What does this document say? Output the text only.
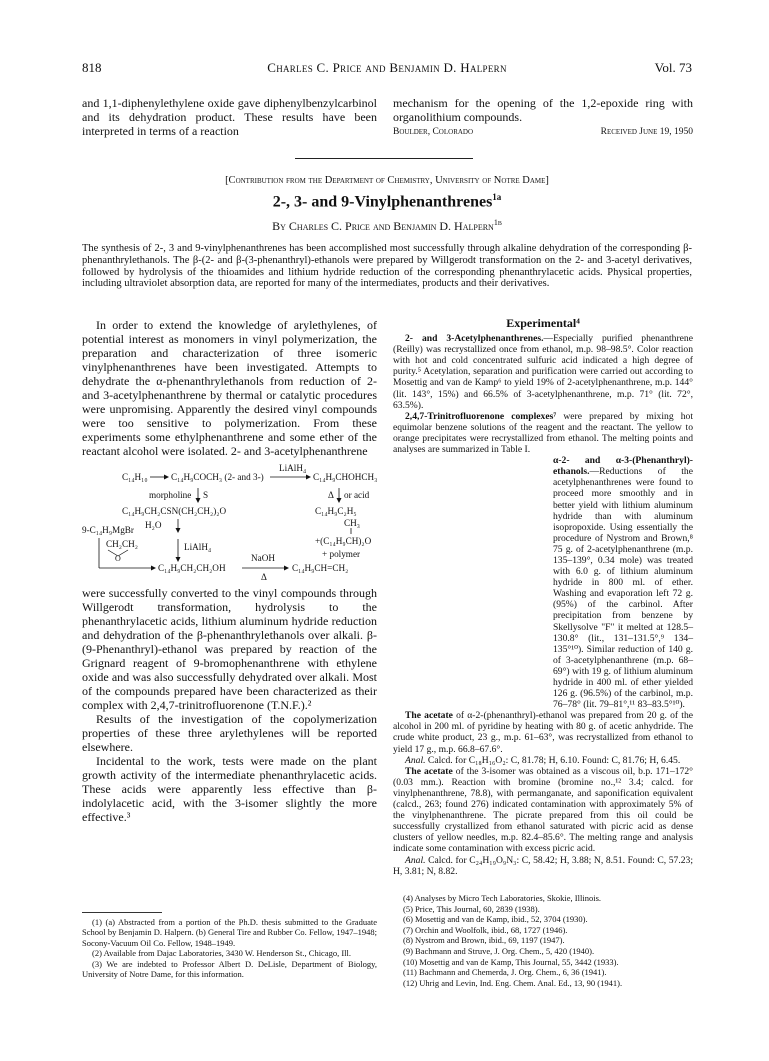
818	Charles C. Price and Benjamin D. Halpern	Vol. 73

and 1,1-diphenylethylene oxide gave diphenylbenzylcarbinol and its dehydration product. These results have been interpreted in terms of a reaction

mechanism for the opening of the 1,2-epoxide ring with organolithium compounds.

Boulder, Colorado	Received June 19, 1950
[Contribution from the Department of Chemistry, University of Notre Dame]
2-, 3- and 9-Vinylphenanthrenes$^{1a}$
By Charles C. Price and Benjamin D. Halpern$^{1b}$
The synthesis of 2-, 3 and 9-vinylphenanthrenes has been accomplished most successfully through alkaline dehydration of the corresponding β-phenanthrylethanols. The β-(2- and β-(3-phenanthryl)-ethanols were prepared by Willgerodt transformation on the 2- and 3-acetyl derivatives, followed by hydrolysis of the thioamides and lithium hydride reduction of the corresponding phenanthrylacetic acids. Physical properties, including ultraviolet absorption data, are reported for many of the intermediates, products and their derivatives.

In order to extend the knowledge of arylethylenes, of potential interest as monomers in vinyl polymerization, the preparation and characterization of three isomeric vinylphenanthrenes have been investigated. Attempts to dehydrate the α-phenanthrylethanols from reduction of 2- and 3-acetylphenanthrene by thermal or catalytic procedures were unpromising. Apparently the desired vinyl compounds were too sensitive to polymerization. From these experiments some ethylphenanthrene and some ether of the reactant alcohol were isolated. 2- and 3-acetylphenanthrene

C₁₄H₁₀	C₁₄H₉COCH₃ (2- and 3-)
LiAlH₄
C₁₄H₉CHOHCH₃
morpholine S	Δ or acid
C₁₄H₉CH₂CSN(CH₂CH₂)₂O	C₁₄H₉C₂H₅
H₂O	CH₃
9-C₁₄H₉MgBr
+(C₁₄H₉CH)₂O
CH₂CH₂
O
LiAlH₄
+ polymer
NaOH
C₁₄H₉CH₂CH₂OH	C₁₄H₉CH=CH₂
Δ

were successfully converted to the vinyl compounds through Willgerodt transformation, hydrolysis to the phenanthrylacetic acids, lithium aluminum hydride reduction and dehydration of the β-phenanthrylethanols over alkali. β-(9-Phenanthryl)-ethanol was prepared by reaction of the Grignard reagent of 9-bromophenanthrene with ethylene oxide and was also successfully dehydrated over alkali. Most of the compounds prepared have been characterized as their complex with 2,4,7-trinitrofluorenone (T.N.F.).²

Results of the investigation of the copolymerization properties of these three arylethylenes will be reported elsewhere.

Incidental to the work, tests were made on the plant growth activity of the intermediate phenanthrylacetic acids. These acids were apparently less effective than β-indolylacetic acid, with the 3-isomer slightly the more effective.³

Experimental⁴

2- and 3-Acetylphenanthrenes.—Especially purified phenanthrene (Reilly) was recrystallized once from ethanol, m.p. 98–98.5°. Color reaction with hot and cold concentrated sulfuric acid indicated a high degree of purity.⁵ Acetylation, separation and purification were carried out according to Mosettig and van de Kamp⁶ to yield 19% of 2-acetylphenanthrene, m.p. 144° (lit. 143°, 15%) and 66.5% of 3-acetylphenanthrene, m.p. 71° (lit. 72°, 63.5%).

2,4,7-Trinitrofluorenone complexes⁷ were prepared by mixing hot equimolar benzene solutions of the reagent and the reactant. The yellow to orange precipitates were recrystallized from ethanol. The melting points and analyses are summarized in Table I.

α-2- and α-3-(Phenanthryl)-ethanols.—Reductions of the acetylphenanthrenes were found to proceed more smoothly and in better yield with lithium aluminum hydride than with aluminum isopropoxide. Using essentially the procedure of Nystrom and Brown,⁸ 75 g. of 2-acetylphenanthrene (m.p. 135–139°, 0.34 mole) was treated with 6.0 g. of lithium aluminum hydride in 800 ml. of ether. Washing and evaporation left 72 g. (95%) of the carbinol. After precipitation from benzene by Skellysolve "F" it melted at 128.5–130.8° (lit., 131–131.5°,⁹ 134–135°¹⁰). Similar reduction of 140 g. of 3-acetylphenanthrene (m.p. 68–69°) with 19 g. of lithium aluminum hydride in 400 ml. of ether yielded 126 g. (96.5%) of the carbinol, m.p. 76–78° (lit. 79–81°,¹¹ 83–83.5°¹⁰).

The acetate of α-2-(phenanthryl)-ethanol was prepared from 20 g. of the alcohol in 200 ml. of pyridine by heating with 80 g. of acetic anhydride. The crude white product, 23 g., m.p. 61–63°, was recrystallized from ethanol to yield 17 g., m.p. 66.8–67.6°.

Anal. Calcd. for C₁₈H₁₆O₂: C, 81.78; H, 6.10. Found: C, 81.76; H, 6.45.

The acetate of the 3-isomer was obtained as a viscous oil, b.p. 171–172° (0.03 mm.). Reaction with bromine (bromine no.,¹² 3.4; calcd. for vinylphenanthrene, 78.8), with permanganate, and saponification equivalent (calcd., 263; found 276) indicated contamination with approximately 5% of the vinylphenanthrene. The picrate prepared from this oil could be successfully crystallized from ethanol saturated with picric acid as dense clusters of yellow needles, m.p. 82.4–85.6°. The melting range and analysis indicate some contamination with excess picric acid.

Anal. Calcd. for C₂₄H₁₉O₉N₃: C, 58.42; H, 3.88; N, 8.51. Found: C, 57.23; H, 3.81; N, 8.82.

(1) (a) Abstracted from a portion of the Ph.D. thesis submitted to the Graduate School by Benjamin D. Halpern. (b) General Tire and Rubber Co. Fellow, 1947–1948; Socony-Vacuum Oil Co. Fellow, 1948–1949.

(2) Available from Dajac Laboratories, 3430 W. Henderson St., Chicago, Ill.

(3) We are indebted to Professor Albert D. DeLisle, Department of Biology, University of Notre Dame, for this information.

(4) Analyses by Micro Tech Laboratories, Skokie, Illinois.

(5) Price, This Journal, 60, 2839 (1938).

(6) Mosettig and van de Kamp, ibid., 52, 3704 (1930).

(7) Orchin and Woolfolk, ibid., 68, 1727 (1946).

(8) Nystrom and Brown, ibid., 69, 1197 (1947).

(9) Bachmann and Struve, J. Org. Chem., 5, 420 (1940).

(10) Mosettig and van de Kamp, This Journal, 55, 3442 (1933).

(11) Bachmann and Chemerda, J. Org. Chem., 6, 36 (1941).

(12) Uhrig and Levin, Ind. Eng. Chem. Anal. Ed., 13, 90 (1941).
